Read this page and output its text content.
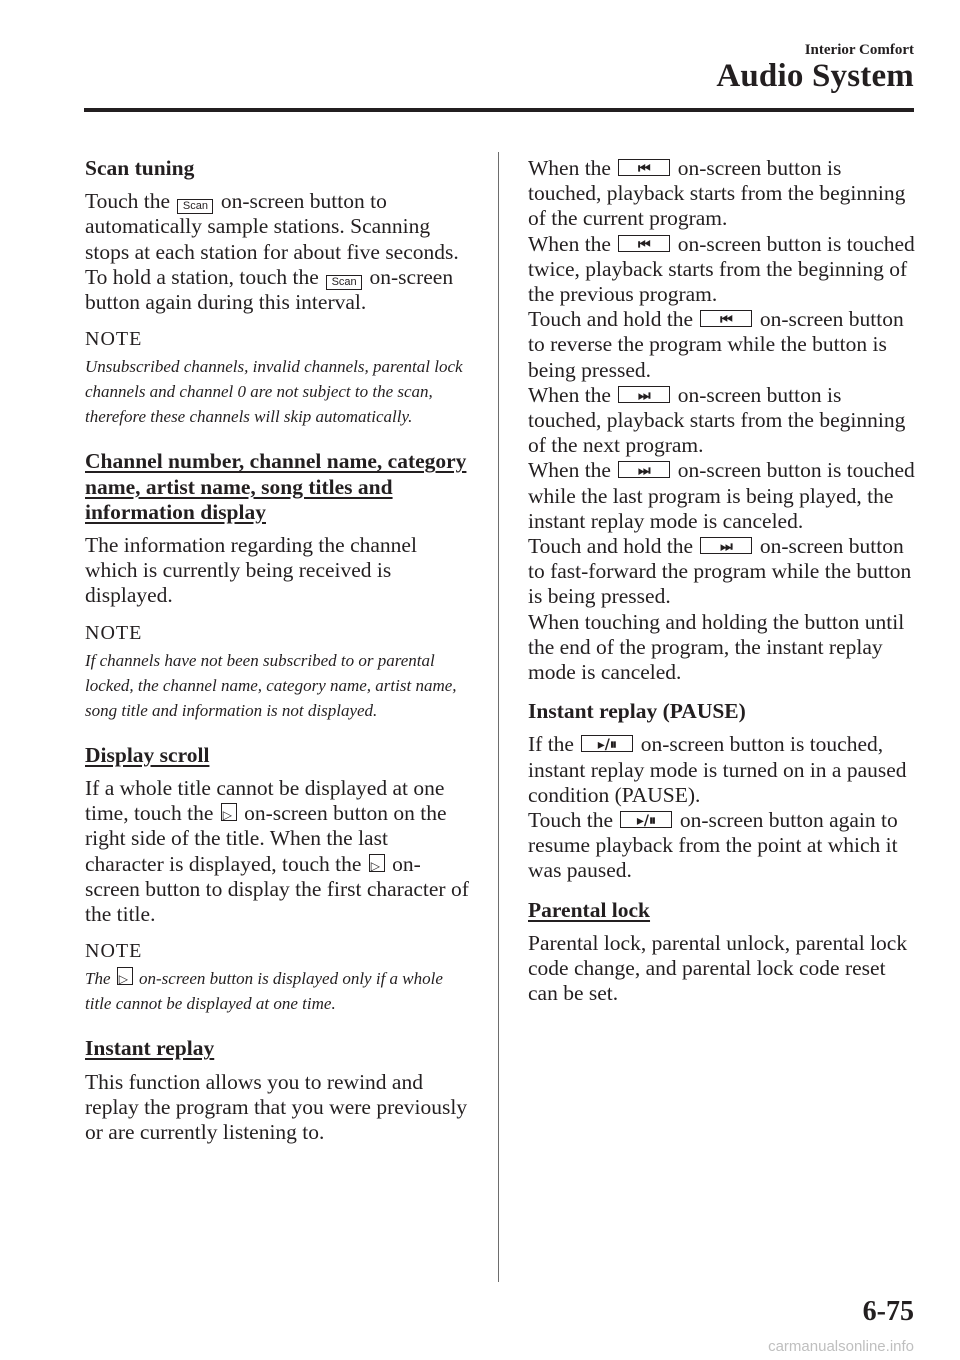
Interior Comfort
Audio System
Scan tuning

Touch the Scan on-screen button to automatically sample stations. Scanning stops at each station for about five seconds.
To hold a station, touch the Scan on-screen button again during this interval.

NOTE
Unsubscribed channels, invalid channels, parental lock channels and channel 0 are not subject to the scan, therefore these channels will skip automatically.
Channel number, channel name, category name, artist name, song titles and information display

The information regarding the channel which is currently being received is displayed.

NOTE
If channels have not been subscribed to or parental locked, the channel name, category name, artist name, song title and information is not displayed.
Display scroll

If a whole title cannot be displayed at one time, touch the ▷ on-screen button on the right side of the title. When the last character is displayed, touch the ▷ on-screen button to display the first character of the title.

NOTE
The ▷ on-screen button is displayed only if a whole title cannot be displayed at one time.
Instant replay

This function allows you to rewind and replay the program that you were previously or are currently listening to.

When the	⏮	on-screen button is touched, playback starts from the beginning of the current program.
When the	⏮	on-screen button is touched twice, playback starts from the beginning of the previous program.
Touch and hold the	⏮	on-screen button to reverse the program while the button is being pressed.
When the	⏭	on-screen button is touched, playback starts from the beginning of the next program.
When the	⏭	on-screen button is touched while the last program is being played, the instant replay mode is canceled.
Touch and hold the	⏭	on-screen button to fast-forward the program while the button is being pressed.
When touching and holding the button until the end of the program, the instant replay mode is canceled.

Instant replay (PAUSE)

If the	▸/⏸	on-screen button is touched, instant replay mode is turned on in a paused condition (PAUSE).
Touch the	▸/⏸	on-screen button again to resume playback from the point at which it was paused.

Parental lock

Parental lock, parental unlock, parental lock code change, and parental lock code reset can be set.

6-75
carmanualsonline.info
